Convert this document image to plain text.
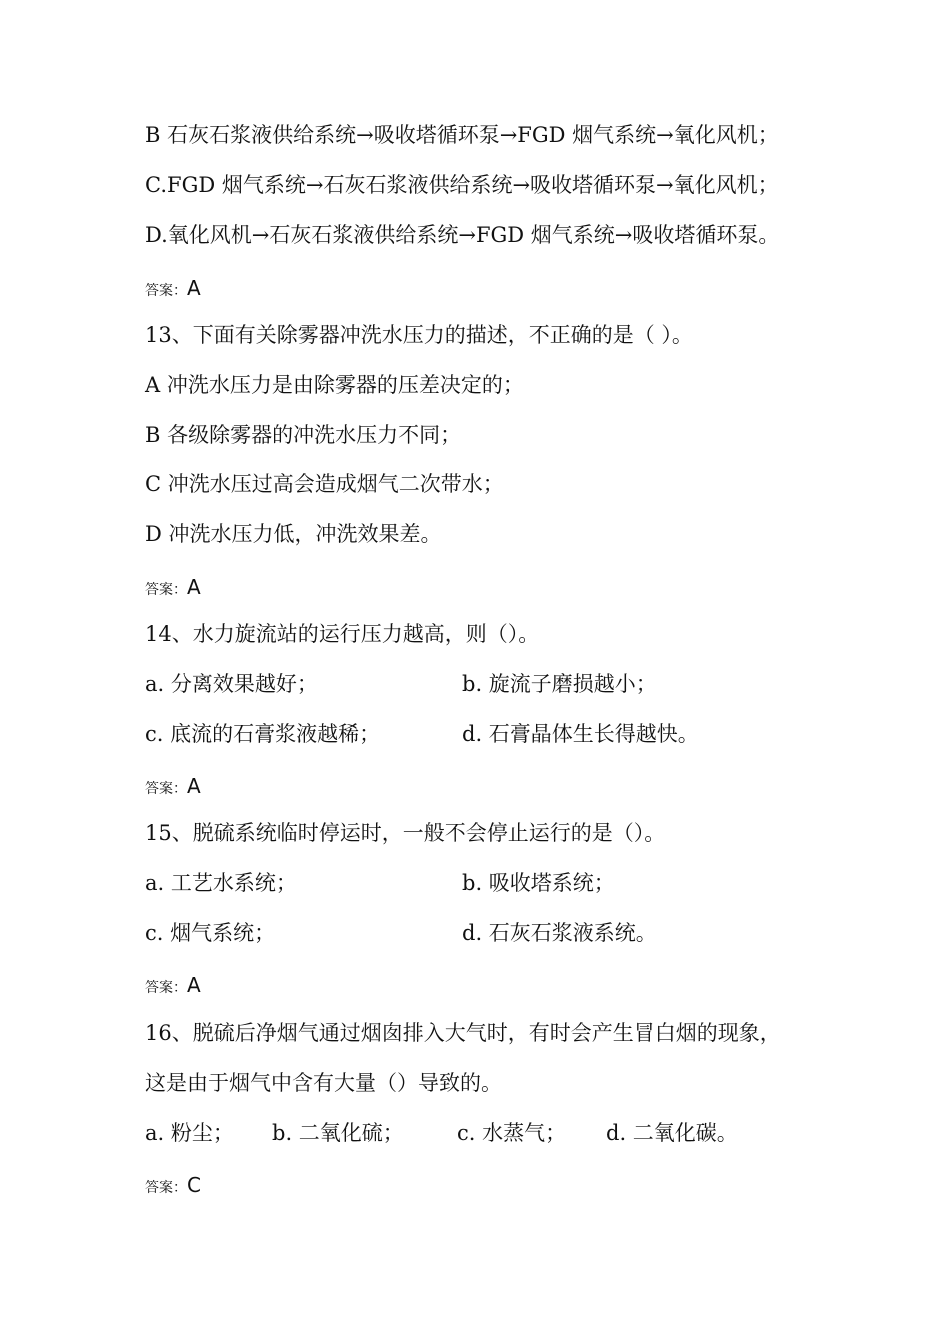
B 石灰石浆液供给系统→吸收塔循环泵→FGD 烟气系统→氧化风机；
C.FGD 烟气系统→石灰石浆液供给系统→吸收塔循环泵→氧化风机；
D.氧化风机→石灰石浆液供给系统→FGD 烟气系统→吸收塔循环泵。
答案：A
13、下面有关除雾器冲洗水压力的描述，不正确的是（ ）。
A 冲洗水压力是由除雾器的压差决定的；
B 各级除雾器的冲洗水压力不同；
C 冲洗水压过高会造成烟气二次带水；
D 冲洗水压力低，冲洗效果差。
答案：A
14、水力旋流站的运行压力越高，则（）。
a. 分离效果越好；	b. 旋流子磨损越小；
c. 底流的石膏浆液越稀；	d. 石膏晶体生长得越快。
答案：A
15、脱硫系统临时停运时，一般不会停止运行的是（）。
a. 工艺水系统；	b. 吸收塔系统；
c. 烟气系统；	d. 石灰石浆液系统。
答案：A
16、脱硫后净烟气通过烟囱排入大气时，有时会产生冒白烟的现象，
这是由于烟气中含有大量（）导致的。
a. 粉尘； b. 二氧化硫；	c. 水蒸气； d. 二氧化碳。
答案：C
